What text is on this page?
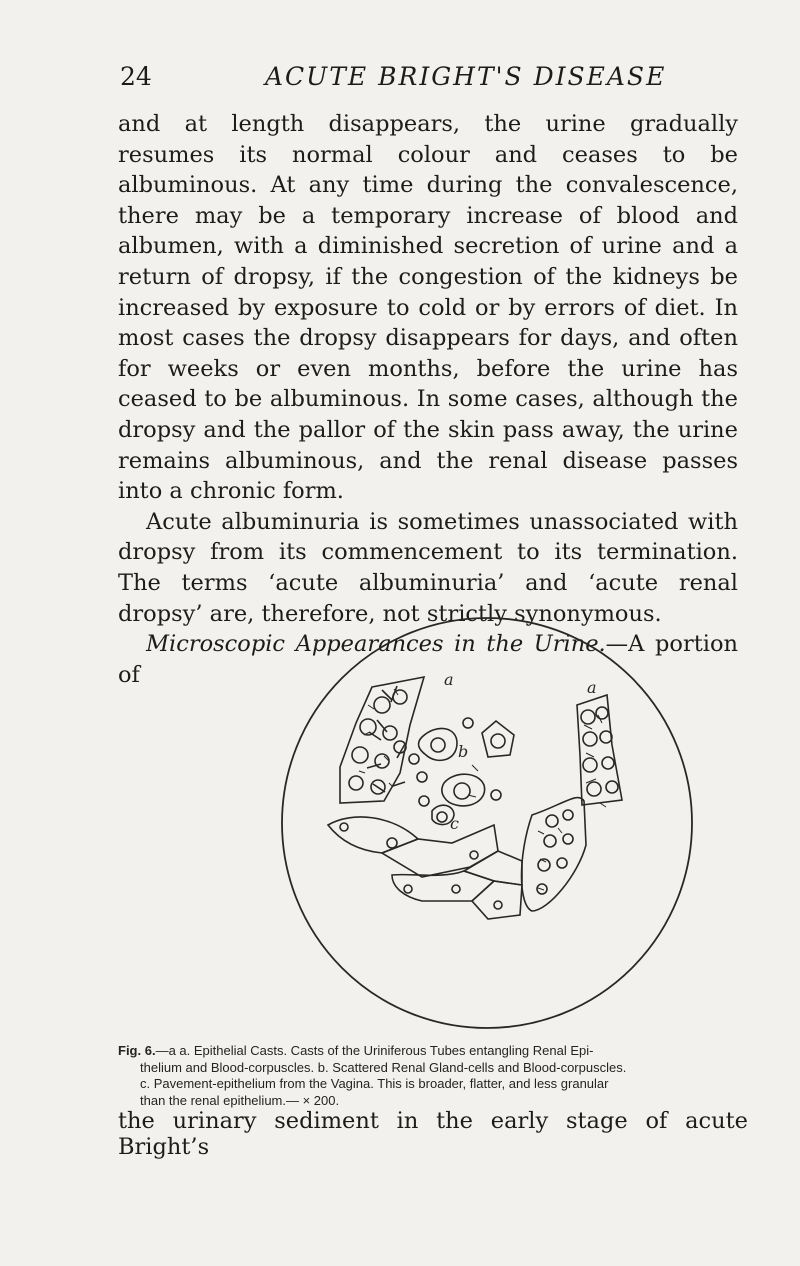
24	ACUTE BRIGHT'S DISEASE

and at length disappears, the urine gradually resumes its normal colour and ceases to be albuminous. At any time during the convalescence, there may be a temporary increase of blood and albumen, with a diminished secretion of urine and a return of dropsy, if the congestion of the kidneys be increased by exposure to cold or by errors of diet. In most cases the dropsy disappears for days, and often for weeks or even months, before the urine has ceased to be albuminous. In some cases, although the dropsy and the pallor of the skin pass away, the urine remains albuminous, and the renal disease passes into a chronic form.

Acute albuminuria is sometimes unassociated with dropsy from its commencement to its termination. The terms ‘acute albuminuria’ and ‘acute renal dropsy’ are, therefore, not strictly synonymous.

Microscopic Appearances in the Urine.—A portion of	a	a
b
c

Fig. 6.—a a. Epithelial Casts. Casts of the Uriniferous Tubes entangling Renal Epi-

thelium and Blood-corpuscles. b. Scattered Renal Gland-cells and Blood-corpuscles.

c. Pavement-epithelium from the Vagina. This is broader, flatter, and less granular

than the renal epithelium.— × 200.

the urinary sediment in the early stage of acute Bright’s
